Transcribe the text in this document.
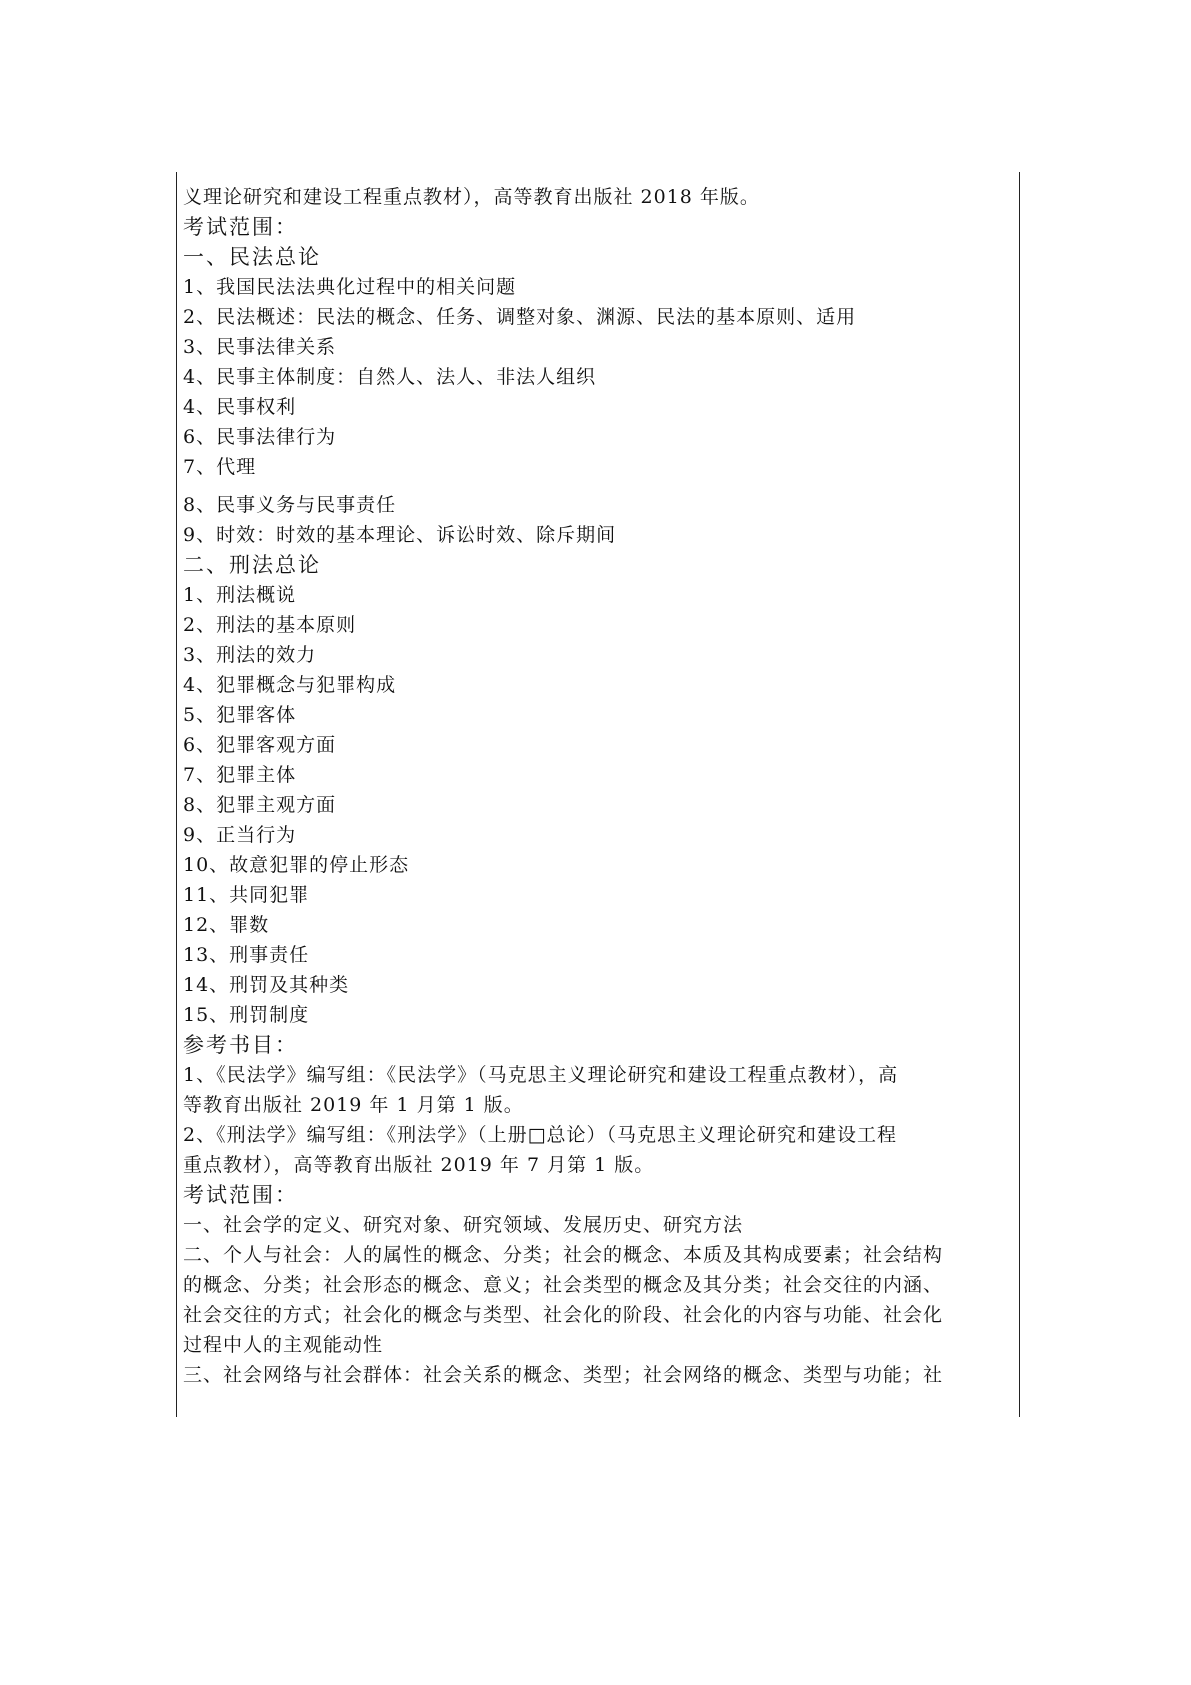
义理论研究和建设工程重点教材），高等教育出版社 2018 年版。
考试范围：
一、民法总论
1、我国民法法典化过程中的相关问题
2、民法概述：民法的概念、任务、调整对象、渊源、民法的基本原则、适用
3、民事法律关系
4、民事主体制度：自然人、法人、非法人组织
4、民事权利
6、民事法律行为
7、代理
8、民事义务与民事责任
9、时效：时效的基本理论、诉讼时效、除斥期间
二、刑法总论
1、刑法概说
2、刑法的基本原则
3、刑法的效力
4、犯罪概念与犯罪构成
5、犯罪客体
6、犯罪客观方面
7、犯罪主体
8、犯罪主观方面
9、正当行为
10、故意犯罪的停止形态
11、共同犯罪
12、罪数
13、刑事责任
14、刑罚及其种类
15、刑罚制度
参考书目：
1、《民法学》编写组：《民法学》（马克思主义理论研究和建设工程重点教材），高
等教育出版社 2019 年 1 月第 1 版。
2、《刑法学》编写组：《刑法学》（上册□总论）（马克思主义理论研究和建设工程
重点教材），高等教育出版社 2019 年 7 月第 1 版。
考试范围：
一、社会学的定义、研究对象、研究领域、发展历史、研究方法
二、个人与社会：人的属性的概念、分类；社会的概念、本质及其构成要素；社会结构
的概念、分类；社会形态的概念、意义；社会类型的概念及其分类；社会交往的内涵、
社会交往的方式；社会化的概念与类型、社会化的阶段、社会化的内容与功能、社会化
过程中人的主观能动性
三、社会网络与社会群体：社会关系的概念、类型；社会网络的概念、类型与功能；社
